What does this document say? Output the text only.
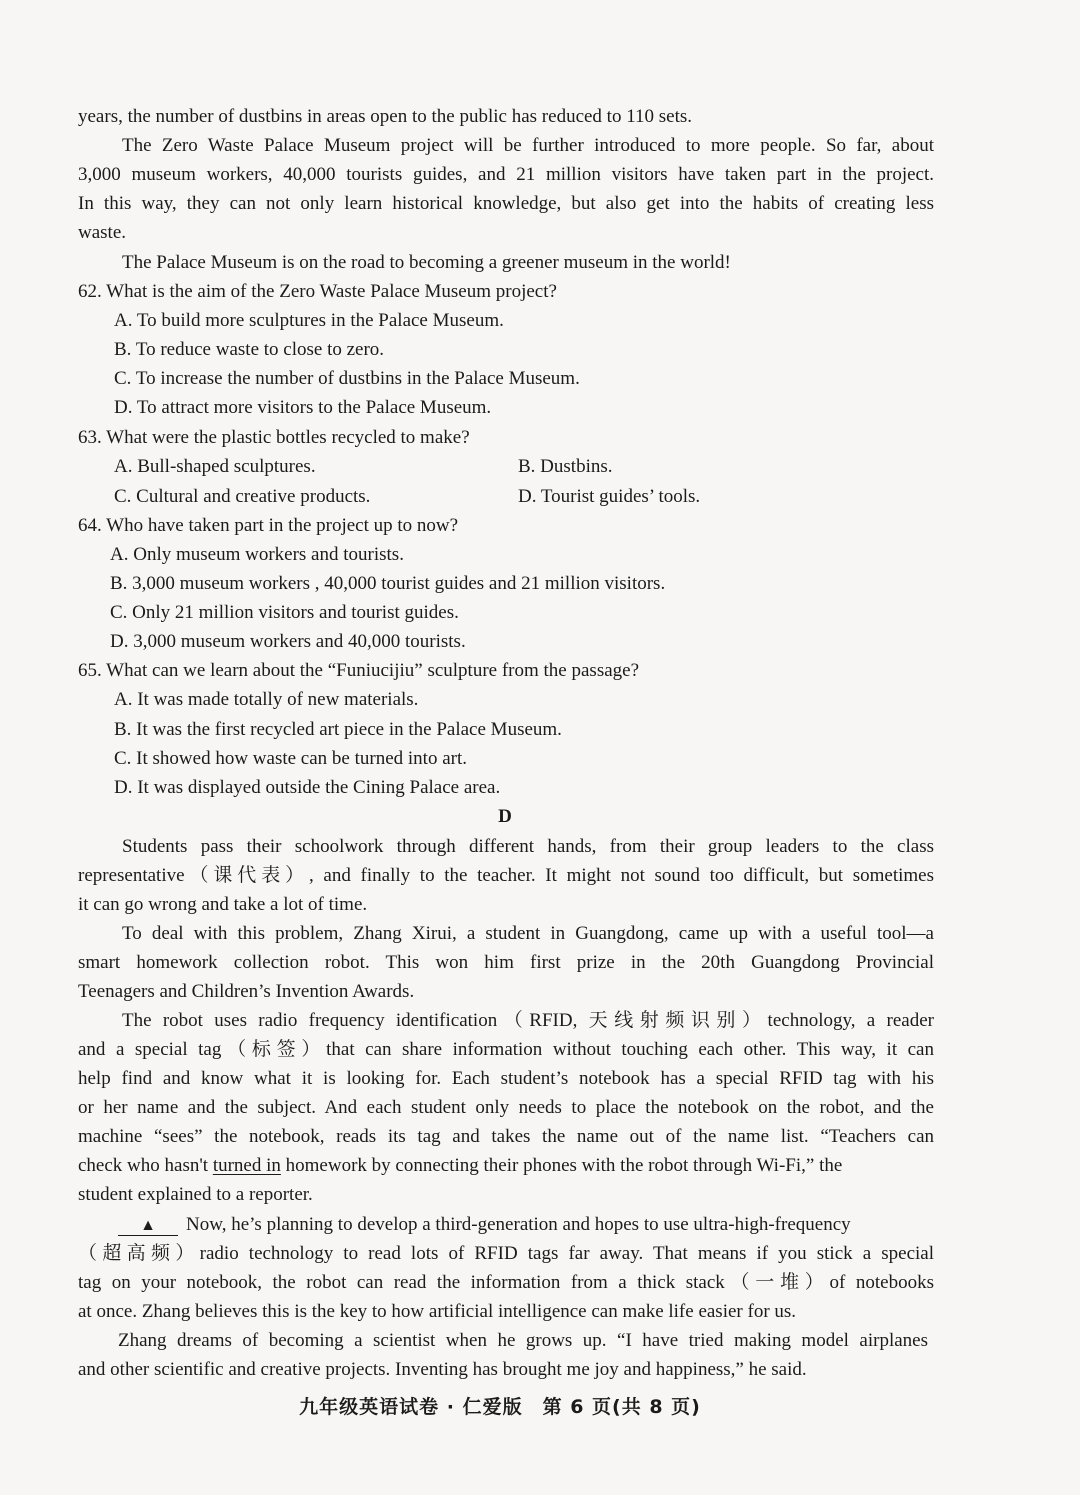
years, the number of dustbins in areas open to the public has reduced to 110 sets.
The Zero Waste Palace Museum project will be further introduced to more people. So far, about
3,000 museum workers, 40,000 tourists guides, and 21 million visitors have taken part in the project.
In this way, they can not only learn historical knowledge, but also get into the habits of creating less
waste.
The Palace Museum is on the road to becoming a greener museum in the world!
62. What is the aim of the Zero Waste Palace Museum project?
A. To build more sculptures in the Palace Museum.
B. To reduce waste to close to zero.
C. To increase the number of dustbins in the Palace Museum.
D. To attract more visitors to the Palace Museum.
63. What were the plastic bottles recycled to make?
A. Bull-shaped sculptures.	B. Dustbins.
C. Cultural and creative products.	D. Tourist guides’ tools.
64. Who have taken part in the project up to now?
A. Only museum workers and tourists.
B. 3,000 museum workers , 40,000 tourist guides and 21 million visitors.
C. Only 21 million visitors and tourist guides.
D. 3,000 museum workers and 40,000 tourists.
65. What can we learn about the “Funiucijiu” sculpture from the passage?
A. It was made totally of new materials.
B. It was the first recycled art piece in the Palace Museum.
C. It showed how waste can be turned into art.
D. It was displayed outside the Cining Palace area.
D
Students pass their schoolwork through different hands, from their group leaders to the class
representative（课代表）, and finally to the teacher. It might not sound too difficult, but sometimes
it can go wrong and take a lot of time.
To deal with this problem, Zhang Xirui, a student in Guangdong, came up with a useful tool—a
smart homework collection robot. This won him first prize in the 20th Guangdong Provincial
Teenagers and Children’s Invention Awards.
The robot uses radio frequency identification（RFID, 天线射频识别）technology, a reader
and a special tag（标签）that can share information without touching each other. This way, it can
help find and know what it is looking for. Each student’s notebook has a special RFID tag with his
or her name and the subject. And each student only needs to place the notebook on the robot, and the
machine “sees” the notebook, reads its tag and takes the name out of the name list. “Teachers can
check who hasn't turned in homework by connecting their phones with the robot through Wi-Fi,” the
student explained to a reporter.
▲ Now, he’s planning to develop a third-generation and hopes to use ultra-high-frequency
（超高频）radio technology to read lots of RFID tags far away. That means if you stick a special
tag on your notebook, the robot can read the information from a thick stack（一堆）of notebooks
at once. Zhang believes this is the key to how artificial intelligence can make life easier for us.
Zhang dreams of becoming a scientist when he grows up. “I have tried making model airplanes
and other scientific and creative projects. Inventing has brought me joy and happiness,” he said.
九年级英语试卷 · 仁爱版　第 6 页(共 8 页)
